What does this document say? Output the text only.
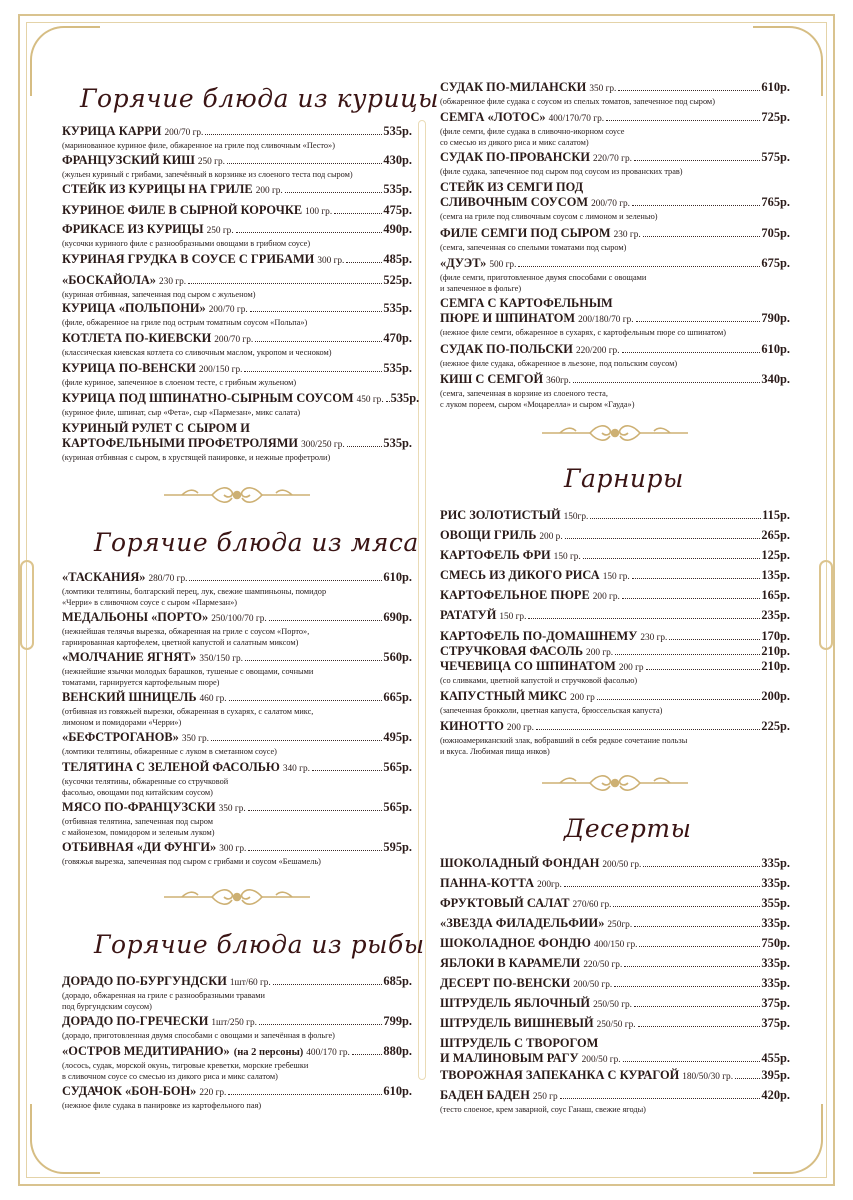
Горячие блюда из курицы
КУРИЦА КАРРИ 200/70 гр.	535р.
(маринованное куриное филе, обжаренное на гриле под сливочным «Песто»)
ФРАНЦУЗСКИЙ КИШ 250 гр.	430р.
(жульен куриный с грибами, запечённый в корзинке из слоеного теста под сыром)
СТЕЙК ИЗ КУРИЦЫ НА ГРИЛЕ 200 гр.	535р.
КУРИНОЕ ФИЛЕ В СЫРНОЙ КОРОЧКЕ 100 гр.	475р.
ФРИКАСЕ ИЗ КУРИЦЫ 250 гр.	490р.
(кусочки куриного филе с разнообразными овощами в грибном соусе)
КУРИНАЯ ГРУДКА В СОУСЕ С ГРИБАМИ 300 гр.	485р.
«БОСКАЙОЛА» 230 гр.	525р.
(куриная отбивная, запеченная под сыром с жульеном)
КУРИЦА «ПОЛЬПОНИ» 200/70 гр.	535р.
(филе, обжаренное на гриле под острым томатным соусом «Польпа»)
КОТЛЕТА ПО-КИЕВСКИ 200/70 гр.	470р.
(классическая киевская котлета со сливочным маслом, укропом и чесноком)
КУРИЦА ПО-ВЕНСКИ 200/150 гр.	535р.
(филе куриное, запеченное в слоеном тесте, с грибным жульеном)
КУРИЦА ПОД ШПИНАТНО-СЫРНЫМ СОУСОМ 450 гр. 535р.
(куриное филе, шпинат, сыр «Фета», сыр «Пармезан», микс салата)
КУРИНЫЙ РУЛЕТ С СЫРОМ И
КАРТОФЕЛЬНЫМИ ПРОФЕТРОЛЯМИ 300/250 гр.	535р.
(куриная отбивная с сыром, в хрустящей панировке, и нежные профетроли)
Горячие блюда из мяса
«ТАСКАНИЯ» 280/70 гр.	610р.
(ломтики телятины, болгарский перец, лук, свежие шампиньоны, помидор
«Черри» в сливочном соусе с сыром «Пармезан»)
МЕДАЛЬОНЫ «ПОРТО» 250/100/70 гр.	690р.
(нежнейшая телячья вырезка, обжаренная на гриле с соусом «Порто»,
гарнированная картофелем, цветной капустой и салатным миксом)
«МОЛЧАНИЕ ЯГНЯТ» 350/150 гр.	560р.
(нежнейшие язычки молодых барашков, тушеные с овощами, сочными
томатами, гарнируется картофельным пюре)
ВЕНСКИЙ ШНИЦЕЛЬ 460 гр.	665р.
(отбивная из говяжьей вырезки, обжаренная в сухарях, с салатом микс,
лимоном и помидорами «Черри»)
«БЕФСТРОГАНОВ» 350 гр.	495р.
(ломтики телятины, обжаренные с луком в сметанном соусе)
ТЕЛЯТИНА С ЗЕЛЕНОЙ ФАСОЛЬЮ 340 гр.	565р.
(кусочки телятины, обжаренные со стручковой
фасолью, овощами под китайским соусом)
МЯСО ПО-ФРАНЦУЗСКИ 350 гр.	565р.
(отбивная телятина, запеченная под сыром
с майонезом, помидором и зеленым луком)
ОТБИВНАЯ «ДИ ФУНГИ» 300 гр.	595р.
(говяжья вырезка, запеченная под сыром с грибами и соусом «Бешамель)
Горячие блюда из рыбы
ДОРАДО ПО-БУРГУНДСКИ 1шт/60 гр.	685р.
(дорадо, обжаренная на гриле с разнообразными травами
под бургундским соусом)
ДОРАДО ПО-ГРЕЧЕСКИ 1шт/250 гр.	799р.
(дорадо, приготовленная двумя способами с овощами и запечённая в фольге)
«ОСТРОВ МЕДИТИРАНИО» (на 2 персоны) 400/170 гр.	880р.
(лосось, судак, морской окунь, тигровые креветки, морские гребешки
в сливочном соусе со смесью из дикого риса и микс салатом)
СУДАЧОК «БОН-БОН» 220 гр.	610р.
(нежное филе судака в панировке из картофельного пая)
СУДАК ПО-МИЛАНСКИ 350 гр.	610р.
(обжаренное филе судака с соусом из спелых томатов, запеченное под сыром)
СЕМГА «ЛОТОС» 400/170/70 гр.	725р.
(филе семги, филе судака в сливочно-икорном соусе
со смесью из дикого риса и микс салатом)
СУДАК ПО-ПРОВАНСКИ 220/70 гр.	575р.
(филе судака, запеченное под сыром под соусом из прованских трав)
СТЕЙК ИЗ СЕМГИ ПОД
СЛИВОЧНЫМ СОУСОМ 200/70 гр.	765р.
(семга на гриле под сливочным соусом с лимоном и зеленью)
ФИЛЕ СЕМГИ ПОД СЫРОМ 230 гр.	705р.
(семга, запеченная со спелыми томатами под сыром)
«ДУЭТ» 500 гр.	675р.
(филе семги, приготовленное двумя способами с овощами
и запеченное в фольге)
СЕМГА С КАРТОФЕЛЬНЫМ
ПЮРЕ И ШПИНАТОМ 200/180/70 гр.	790р.
(нежное филе семги, обжаренное в сухарях, с картофельным пюре со шпинатом)
СУДАК ПО-ПОЛЬСКИ 220/200 гр.	610р.
(нежное филе судака, обжаренное в льезоне, под польским соусом)
КИШ С СЕМГОЙ 360гр.	340р.
(семга, запеченная в корзине из слоеного теста,
с луком пореем, сыром «Моцарелла» и сыром «Гауда»)
Гарниры
РИС ЗОЛОТИСТЫЙ 150гр.	115р.
ОВОЩИ ГРИЛЬ 200 р.	265р.
КАРТОФЕЛЬ ФРИ 150 гр.	125р.
СМЕСЬ ИЗ ДИКОГО РИСА 150 гр.	135р.
КАРТОФЕЛЬНОЕ ПЮРЕ 200 гр.	165р.
РАТАТУЙ 150 гр.	235р.
КАРТОФЕЛЬ ПО-ДОМАШНЕМУ 230 гр.	170р.
СТРУЧКОВАЯ ФАСОЛЬ 200 гр.	210р.
ЧЕЧЕВИЦА СО ШПИНАТОМ 200 гр	210р.
(со сливками, цветной капустой и стручковой фасолью)
КАПУСТНЫЙ МИКС 200 гр	200р.
(запеченная брокколи, цветная капуста, брюссельская капуста)
КИНОТТО 200 гр.	225р.
(южноамериканский злак, вобравший в себя редкое сочетание пользы
и вкуса. Любимая пища инков)
Десерты
ШОКОЛАДНЫЙ ФОНДАН 200/50 гр.	335р.
ПАННА-КОТТА 200гр.	335р.
ФРУКТОВЫЙ САЛАТ 270/60 гр.	355р.
«ЗВЕЗДА ФИЛАДЕЛЬФИИ» 250гр.	335р.
ШОКОЛАДНОЕ ФОНДЮ 400/150 гр.	750р.
ЯБЛОКИ В КАРАМЕЛИ 220/50 гр.	335р.
ДЕСЕРТ ПО-ВЕНСКИ 200/50 гр.	335р.
ШТРУДЕЛЬ ЯБЛОЧНЫЙ 250/50 гр.	375р.
ШТРУДЕЛЬ ВИШНЕВЫЙ 250/50 гр.	375р.
ШТРУДЕЛЬ С ТВОРОГОМ
И МАЛИНОВЫМ РАГУ 200/50 гр.	455р.
ТВОРОЖНАЯ ЗАПЕКАНКА С КУРАГОЙ 180/50/30 гр. 395р.
БАДЕН БАДЕН 250 гр	420р.
(тесто слоеное, крем заварной, соус Ганаш, свежие ягоды)
